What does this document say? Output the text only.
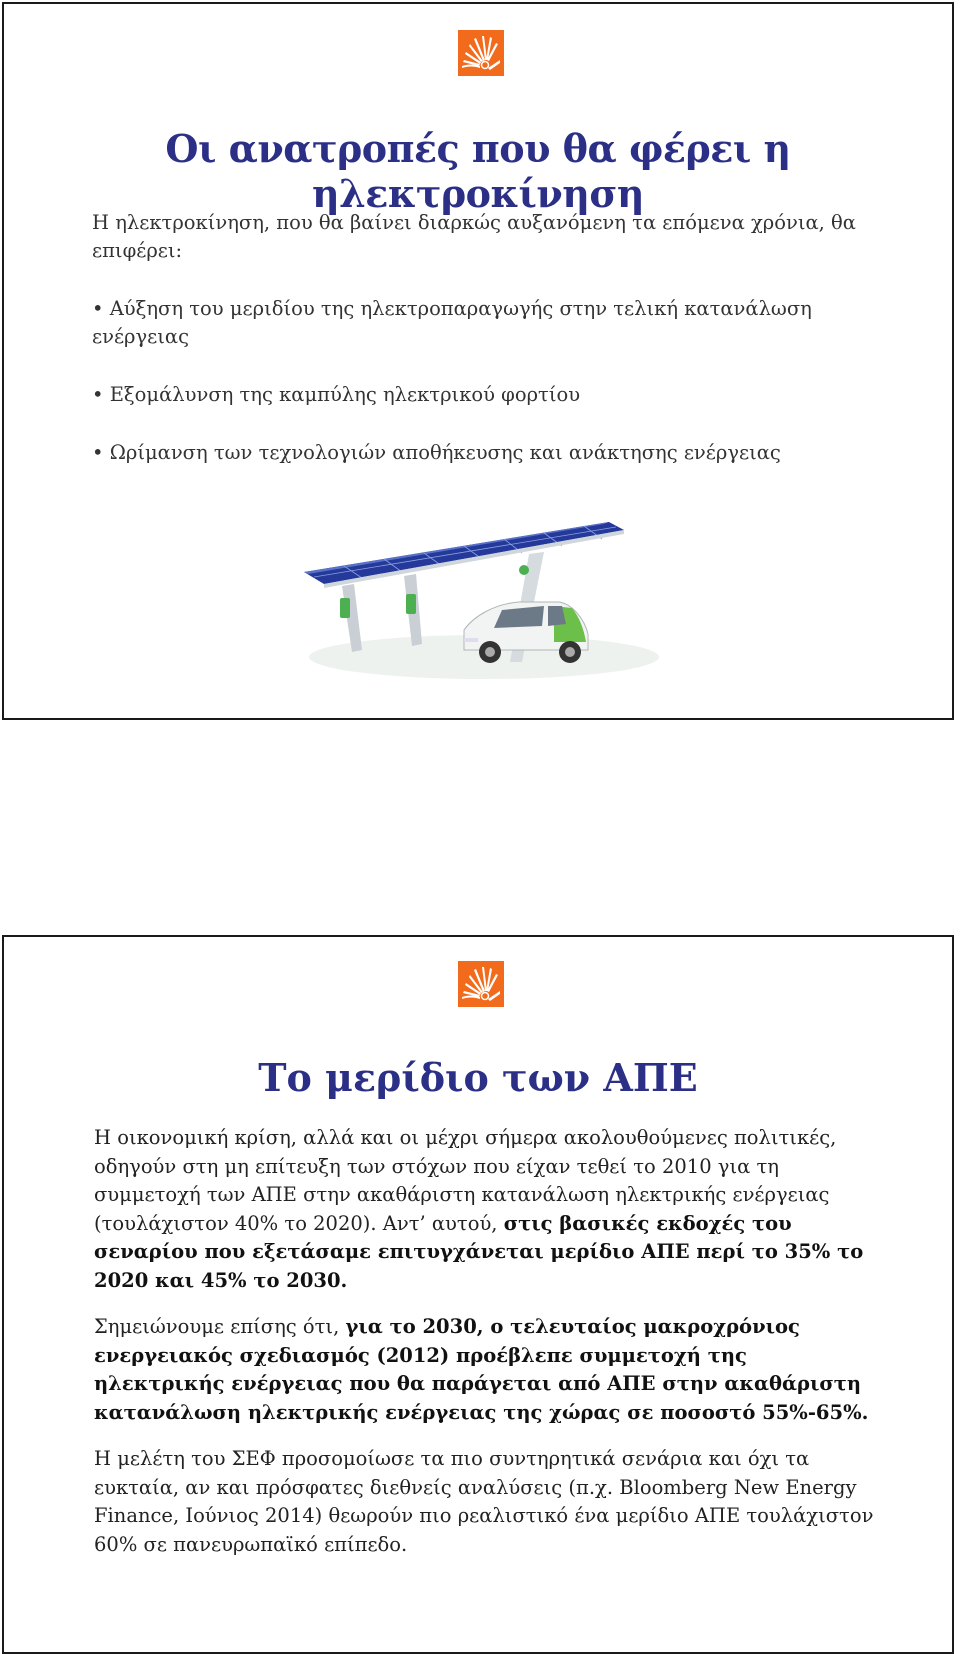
Οι ανατροπές που θα φέρει η ηλεκτροκίνηση

Η ηλεκτροκίνηση, που θα βαίνει διαρκώς αυξανόμενη τα επόμενα χρόνια, θα επιφέρει:

• Αύξηση του μεριδίου της ηλεκτροπαραγωγής στην τελική κατανάλωση ενέργειας

• Εξομάλυνση της καμπύλης ηλεκτρικού φορτίου

• Ωρίμανση των τεχνολογιών αποθήκευσης και ανάκτησης ενέργειας

Το μερίδιο των ΑΠΕ

Η οικονομική κρίση, αλλά και οι μέχρι σήμερα ακολουθούμενες πολιτικές, οδηγούν στη μη επίτευξη των στόχων που είχαν τεθεί το 2010 για τη συμμετοχή των ΑΠΕ στην ακαθάριστη κατανάλωση ηλεκτρικής ενέργειας (τουλάχιστον 40% το 2020). Αντ’ αυτού, στις βασικές εκδοχές του σεναρίου που εξετάσαμε επιτυγχάνεται μερίδιο ΑΠΕ περί το 35% το 2020 και 45% το 2030.

Σημειώνουμε επίσης ότι, για το 2030, ο τελευταίος μακροχρόνιος ενεργειακός σχεδιασμός (2012) προέβλεπε συμμετοχή της ηλεκτρικής ενέργειας που θα παράγεται από ΑΠΕ στην ακαθάριστη κατανάλωση ηλεκτρικής ενέργειας της χώρας σε ποσοστό 55%-65%.

Η μελέτη του ΣΕΦ προσομοίωσε τα πιο συντηρητικά σενάρια και όχι τα ευκταία, αν και πρόσφατες διεθνείς αναλύσεις (π.χ. Bloomberg New Energy Finance, Ιούνιος 2014) θεωρούν πιο ρεαλιστικό ένα μερίδιο ΑΠΕ τουλάχιστον 60% σε πανευρωπαϊκό επίπεδο.
